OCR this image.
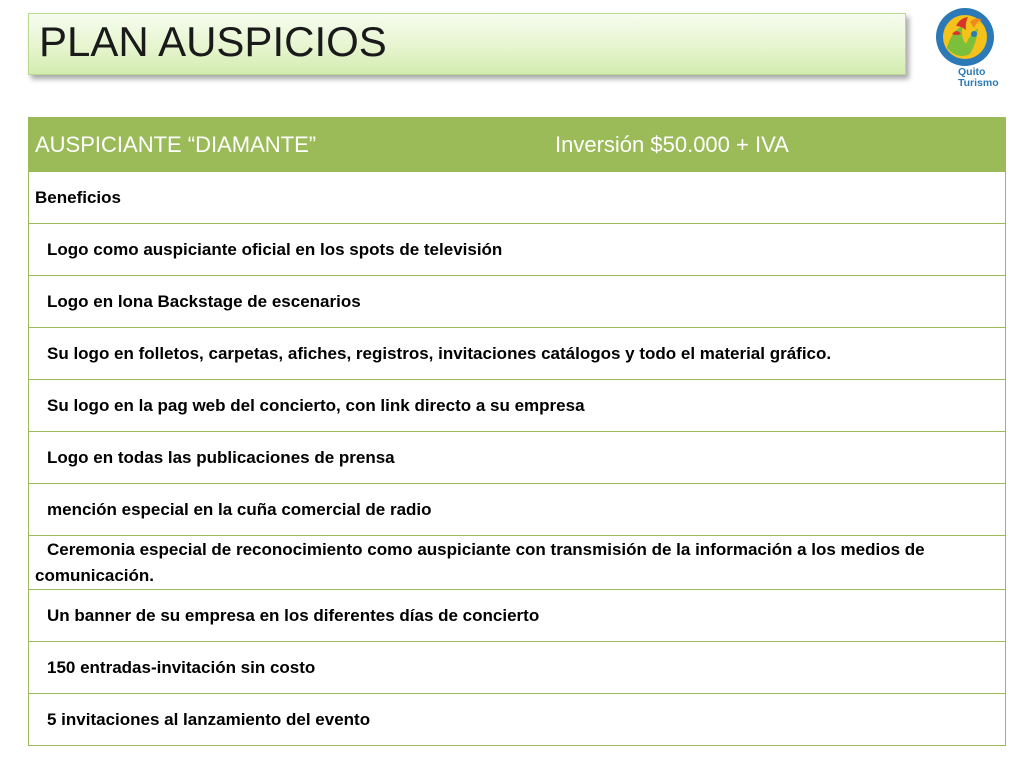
PLAN AUSPICIOS
Quito
Turismo
AUSPICIANTE “DIAMANTE”	Inversión $50.000 + IVA
Beneficios
Logo como auspiciante oficial en los spots de televisión
Logo en lona Backstage de escenarios
Su logo en folletos, carpetas, afiches, registros, invitaciones catálogos y todo el material gráfico.
Su logo en la pag web del concierto, con link directo a su empresa
Logo en todas las publicaciones de prensa
mención especial en la cuña comercial de radio
Ceremonia especial de reconocimiento como auspiciante con transmisión de la información a los medios de comunicación.
Un banner de su empresa en los diferentes días de concierto
150 entradas-invitación sin costo
5 invitaciones al lanzamiento del evento
